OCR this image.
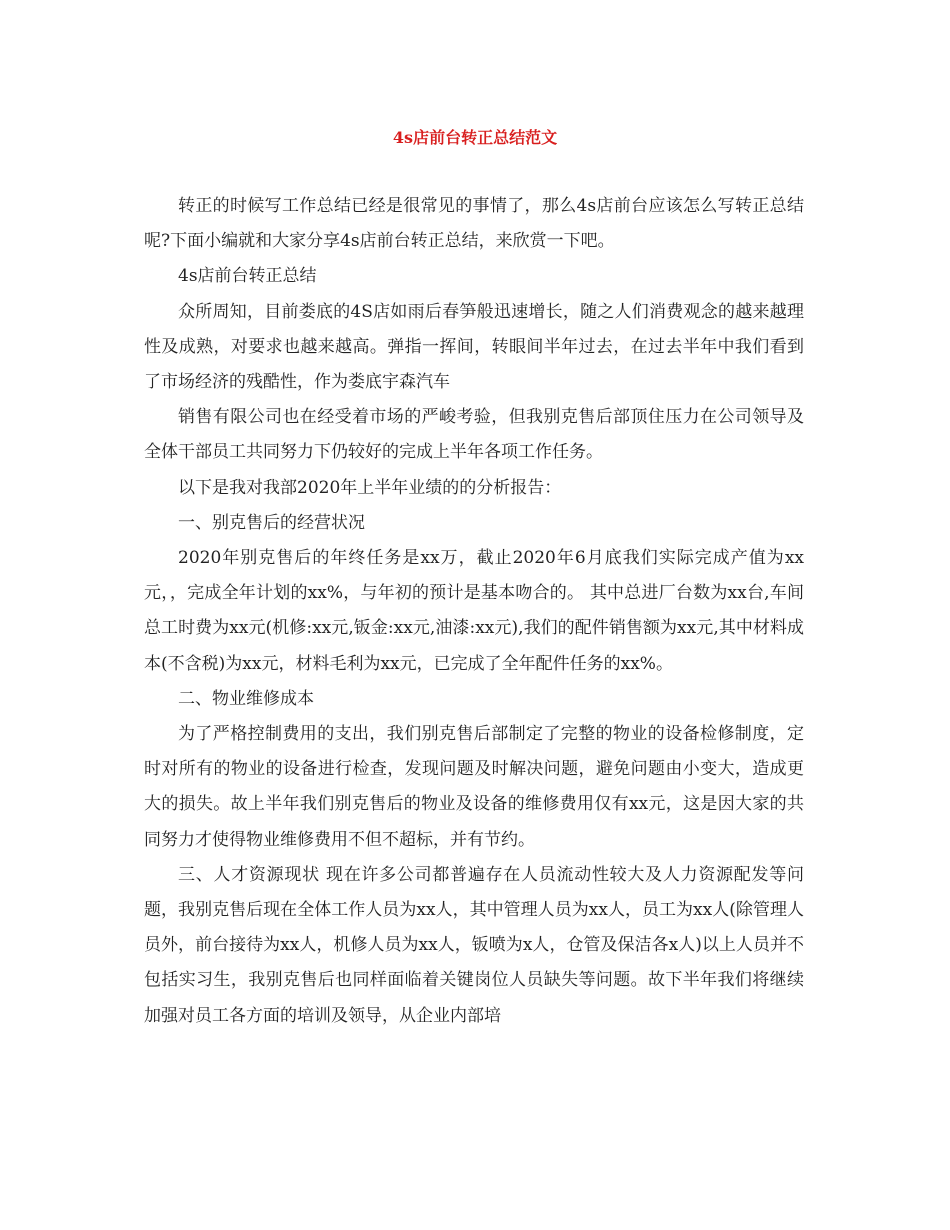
4s店前台转正总结范文

转正的时候写工作总结已经是很常见的事情了，那么4s店前台应该怎么写转正总结呢?下面小编就和大家分享4s店前台转正总结，来欣赏一下吧。

4s店前台转正总结

众所周知，目前娄底的4S店如雨后春笋般迅速增长，随之人们消费观念的越来越理性及成熟，对要求也越来越高。弹指一挥间，转眼间半年过去，在过去半年中我们看到了市场经济的残酷性，作为娄底宇森汽车

销售有限公司也在经受着市场的严峻考验，但我别克售后部顶住压力在公司领导及全体干部员工共同努力下仍较好的完成上半年各项工作任务。

以下是我对我部2020年上半年业绩的的分析报告：

一、别克售后的经营状况

2020年别克售后的年终任务是xx万，截止2020年6月底我们实际完成产值为xx元，，完成全年计划的xx%，与年初的预计是基本吻合的。 其中总进厂台数为xx台,车间总工时费为xx元(机修:xx元,钣金:xx元,油漆:xx元),我们的配件销售额为xx元,其中材料成本(不含税)为xx元，材料毛利为xx元，已完成了全年配件任务的xx%。

二、物业维修成本

为了严格控制费用的支出，我们别克售后部制定了完整的物业的设备检修制度，定时对所有的物业的设备进行检查，发现问题及时解决问题，避免问题由小变大，造成更大的损失。故上半年我们别克售后的物业及设备的维修费用仅有xx元，这是因大家的共同努力才使得物业维修费用不但不超标，并有节约。

三、人才资源现状 现在许多公司都普遍存在人员流动性较大及人力资源配发等问题，我别克售后现在全体工作人员为xx人，其中管理人员为xx人，员工为xx人(除管理人员外，前台接待为xx人，机修人员为xx人，钣喷为x人，仓管及保洁各x人)以上人员并不包括实习生，我别克售后也同样面临着关键岗位人员缺失等问题。故下半年我们将继续加强对员工各方面的培训及领导，从企业内部培
